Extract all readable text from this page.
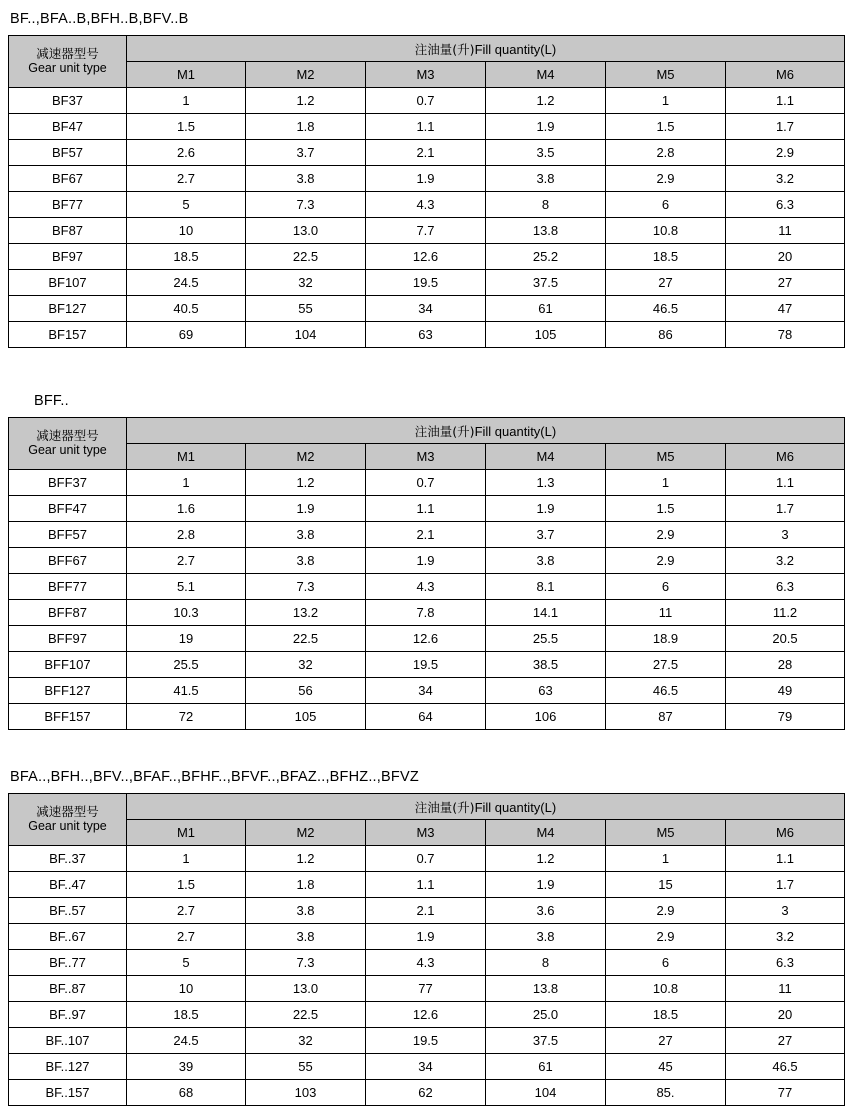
BF..,BFA..B,BFH..B,BFV..B
减速器型号
Gear unit type	注油量(升)Fill quantity(L)					
	M1	M2	M3	M4	M5	M6
BF37	1	1.2	0.7	1.2	1	1.1
BF47	1.5	1.8	1.1	1.9	1.5	1.7
BF57	2.6	3.7	2.1	3.5	2.8	2.9
BF67	2.7	3.8	1.9	3.8	2.9	3.2
BF77	5	7.3	4.3	8	6	6.3
BF87	10	13.0	7.7	13.8	10.8	11
BF97	18.5	22.5	12.6	25.2	18.5	20
BF107	24.5	32	19.5	37.5	27	27
BF127	40.5	55	34	61	46.5	47
BF157	69	104	63	105	86	78
BFF..
减速器型号
Gear unit type	注油量(升)Fill quantity(L)					
	M1	M2	M3	M4	M5	M6
BFF37	1	1.2	0.7	1.3	1	1.1
BFF47	1.6	1.9	1.1	1.9	1.5	1.7
BFF57	2.8	3.8	2.1	3.7	2.9	3
BFF67	2.7	3.8	1.9	3.8	2.9	3.2
BFF77	5.1	7.3	4.3	8.1	6	6.3
BFF87	10.3	13.2	7.8	14.1	11	11.2
BFF97	19	22.5	12.6	25.5	18.9	20.5
BFF107	25.5	32	19.5	38.5	27.5	28
BFF127	41.5	56	34	63	46.5	49
BFF157	72	105	64	106	87	79
BFA..,BFH..,BFV..,BFAF..,BFHF..,BFVF..,BFAZ..,BFHZ..,BFVZ
减速器型号
Gear unit type	注油量(升)Fill quantity(L)					
	M1	M2	M3	M4	M5	M6
BF..37	1	1.2	0.7	1.2	1	1.1
BF..47	1.5	1.8	1.1	1.9	15	1.7
BF..57	2.7	3.8	2.1	3.6	2.9	3
BF..67	2.7	3.8	1.9	3.8	2.9	3.2
BF..77	5	7.3	4.3	8	6	6.3
BF..87	10	13.0	77	13.8	10.8	11
BF..97	18.5	22.5	12.6	25.0	18.5	20
BF..107	24.5	32	19.5	37.5	27	27
BF..127	39	55	34	61	45	46.5
BF..157	68	103	62	104	85.	77
